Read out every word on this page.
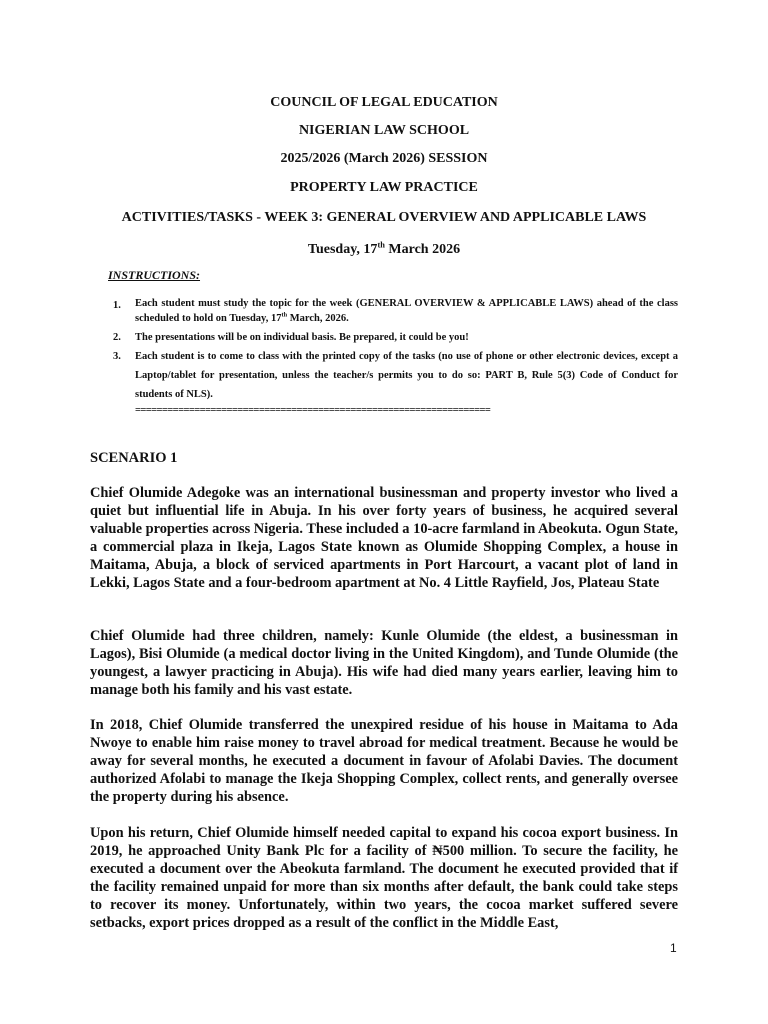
COUNCIL OF LEGAL EDUCATION
NIGERIAN LAW SCHOOL
2025/2026 (March 2026) SESSION
PROPERTY LAW PRACTICE
ACTIVITIES/TASKS - WEEK 3: GENERAL OVERVIEW AND APPLICABLE LAWS
Tuesday, 17th March 2026
INSTRUCTIONS:
1.	Each student must study the topic for the week (GENERAL OVERVIEW & APPLICABLE LAWS) ahead of the class scheduled to hold on Tuesday, 17th March, 2026.
2.	The presentations will be on individual basis. Be prepared, it could be you!
3.	Each student is to come to class with the printed copy of the tasks (no use of phone or other electronic devices, except a Laptop/tablet for presentation, unless the teacher/s permits you to do so: PART B, Rule 5(3) Code of Conduct for students of NLS).
==================================================================
SCENARIO 1
Chief Olumide Adegoke was an international businessman and property investor who lived a quiet but influential life in Abuja. In his over forty years of business, he acquired several valuable properties across Nigeria. These included a 10-acre farmland in Abeokuta. Ogun State, a commercial plaza in Ikeja, Lagos State known as Olumide Shopping Complex, a house in Maitama, Abuja, a block of serviced apartments in Port Harcourt, a vacant plot of land in Lekki, Lagos State and a four-bedroom apartment at No. 4 Little Rayfield, Jos, Plateau State
Chief Olumide had three children, namely: Kunle Olumide (the eldest, a businessman in Lagos), Bisi Olumide (a medical doctor living in the United Kingdom), and Tunde Olumide (the youngest, a lawyer practicing in Abuja). His wife had died many years earlier, leaving him to manage both his family and his vast estate.
In 2018, Chief Olumide transferred the unexpired residue of his house in Maitama to Ada Nwoye to enable him raise money to travel abroad for medical treatment. Because he would be away for several months, he executed a document in favour of Afolabi Davies. The document authorized Afolabi to manage the Ikeja Shopping Complex, collect rents, and generally oversee the property during his absence.
Upon his return, Chief Olumide himself needed capital to expand his cocoa export business. In 2019, he approached Unity Bank Plc for a facility of ₦500 million. To secure the facility, he executed a document over the Abeokuta farmland. The document he executed provided that if the facility remained unpaid for more than six months after default, the bank could take steps to recover its money. Unfortunately, within two years, the cocoa market suffered severe setbacks, export prices dropped as a result of the conflict in the Middle East,
1
